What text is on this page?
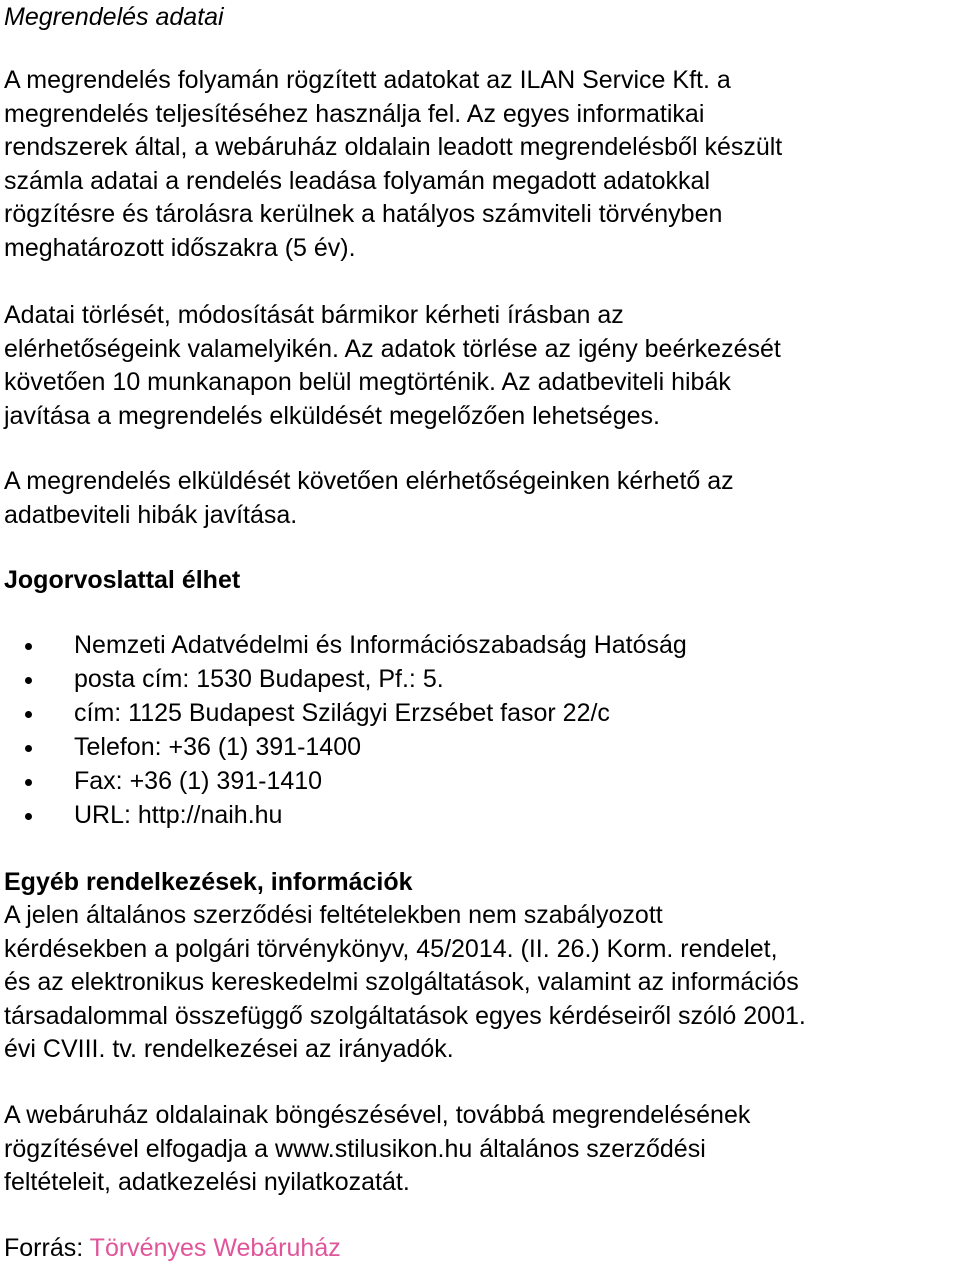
Megrendelés adatai
A megrendelés folyamán rögzített adatokat az ILAN Service Kft. a
megrendelés teljesítéséhez használja fel. Az egyes informatikai
rendszerek által, a webáruház oldalain leadott megrendelésből készült
számla adatai a rendelés leadása folyamán megadott adatokkal
rögzítésre és tárolásra kerülnek a hatályos számviteli törvényben
meghatározott időszakra (5 év).
Adatai törlését, módosítását bármikor kérheti írásban az
elérhetőségeink valamelyikén. Az adatok törlése az igény beérkezését
követően 10 munkanapon belül megtörténik. Az adatbeviteli hibák
javítása a megrendelés elküldését megelőzően lehetséges.
A megrendelés elküldését követően elérhetőségeinken kérhető az
adatbeviteli hibák javítása.
Jogorvoslattal élhet
Nemzeti Adatvédelmi és Információszabadság Hatóság
posta cím: 1530 Budapest, Pf.: 5.
cím: 1125 Budapest Szilágyi Erzsébet fasor 22/c
Telefon: +36 (1) 391-1400
Fax: +36 (1) 391-1410
URL: http://naih.hu
Egyéb rendelkezések, információk
A jelen általános szerződési feltételekben nem szabályozott
kérdésekben a polgári törvénykönyv, 45/2014. (II. 26.) Korm. rendelet,
és az elektronikus kereskedelmi szolgáltatások, valamint az információs
társadalommal összefüggő szolgáltatások egyes kérdéseiről szóló 2001.
évi CVIII. tv. rendelkezései az irányadók.
A webáruház oldalainak böngészésével, továbbá megrendelésének
rögzítésével elfogadja a www.stilusikon.hu általános szerződési
feltételeit, adatkezelési nyilatkozatát.
Forrás: Törvényes Webáruház
